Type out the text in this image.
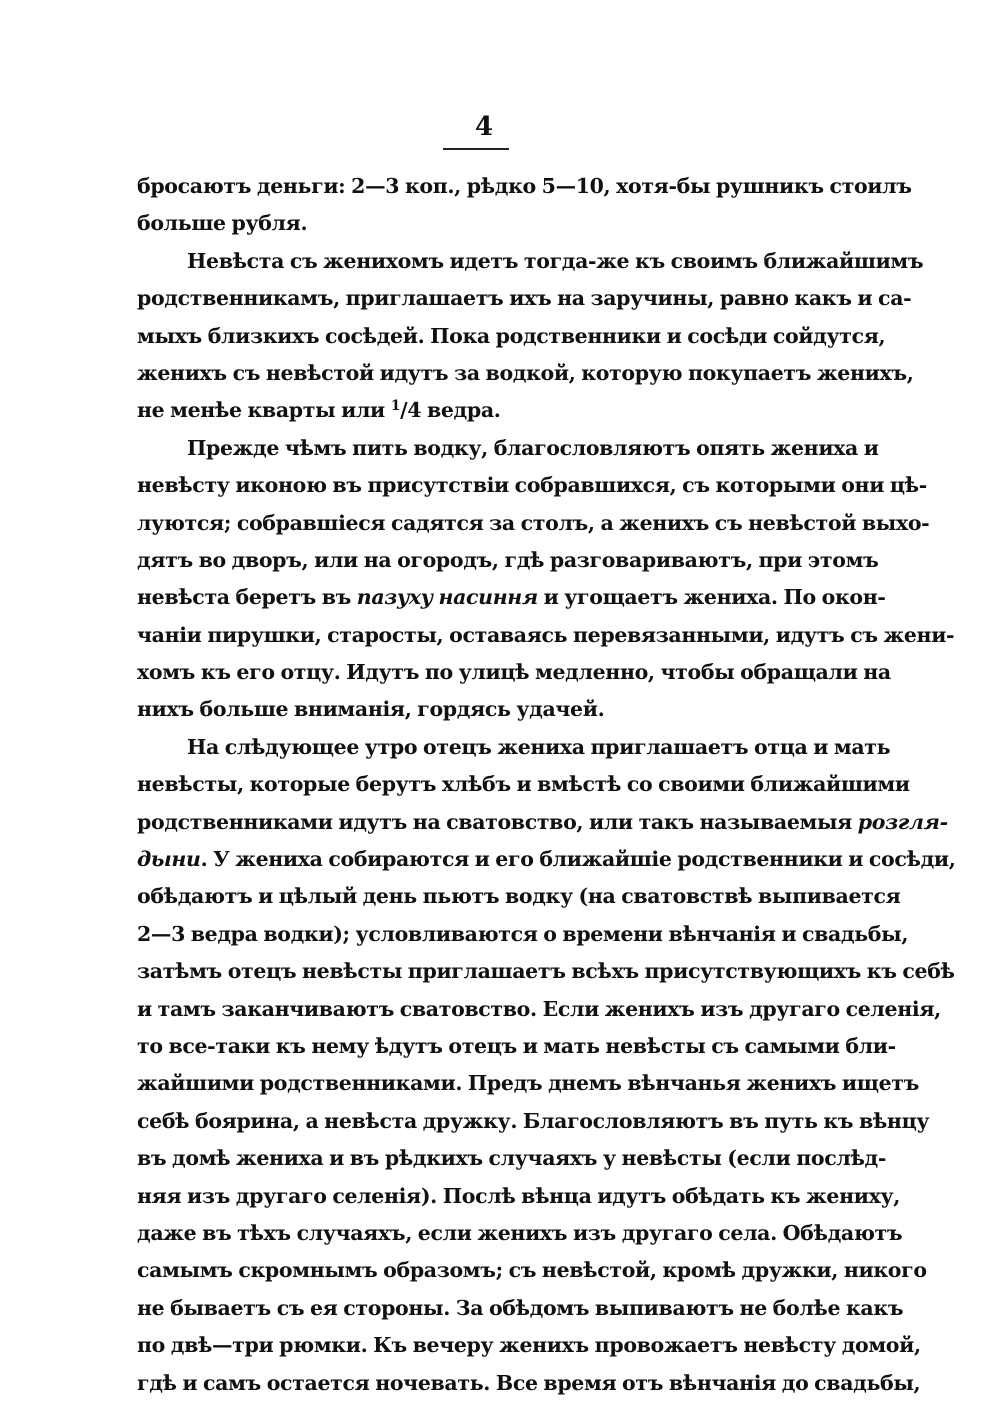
4
бросаютъ деньги: 2—3 коп., рѣдко 5—10, хотя-бы рушникъ стоилъ
больше рубля.
Невѣста съ женихомъ идетъ тогда-же къ своимъ ближайшимъ
родственникамъ, приглашаетъ ихъ на заручины, равно какъ и са-
мыхъ близкихъ сосѣдей. Пока родственники и сосѣди сойдутся,
женихъ съ невѣстой идутъ за водкой, которую покупаетъ женихъ,
не менѣе кварты или $^1$/4 ведра.
Прежде чѣмъ пить водку, благословляютъ опять жениха и
невѣсту иконою въ присутствiи собравшихся, съ которыми они цѣ-
луются; собравшiеся садятся за столъ, а женихъ съ невѣстой выхо-
дятъ во дворъ, или на огородъ, гдѣ разговариваютъ, при этомъ
невѣста беретъ въ пазуху насиння и угощаетъ жениха. По окон-
чанiи пирушки, старосты, оставаясь перевязанными, идутъ съ жени-
хомъ къ его отцу. Идутъ по улицѣ медленно, чтобы обращали на
нихъ больше вниманiя, гордясь удачей.
На слѣдующее утро отецъ жениха приглашаетъ отца и мать
невѣсты, которые берутъ хлѣбъ и вмѣстѣ со своими ближайшими
родственниками идутъ на сватовство, или такъ называемыя розгля-
дыни. У жениха собираются и его ближайшiе родственники и сосѣди,
обѣдаютъ и цѣлый день пьютъ водку (на сватовствѣ выпивается
2—3 ведра водки); условливаются о времени вѣнчанiя и свадьбы,
затѣмъ отецъ невѣсты приглашаетъ всѣхъ присутствующихъ къ себѣ
и тамъ заканчиваютъ сватовство. Если женихъ изъ другаго селенiя,
то все-таки къ нему ѣдутъ отецъ и мать невѣсты съ самыми бли-
жайшими родственниками. Предъ днемъ вѣнчанья женихъ ищетъ
себѣ боярина, а невѣста дружку. Благословляютъ въ путь къ вѣнцу
въ домѣ жениха и въ рѣдкихъ случаяхъ у невѣсты (если послѣд-
няя изъ другаго селенiя). Послѣ вѣнца идутъ обѣдать къ жениху,
даже въ тѣхъ случаяхъ, если женихъ изъ другаго села. Обѣдаютъ
самымъ скромнымъ образомъ; съ невѣстой, кромѣ дружки, никого
не бываетъ съ ея стороны. За обѣдомъ выпиваютъ не болѣе какъ
по двѣ—три рюмки. Къ вечеру женихъ провожаетъ невѣсту домой,
гдѣ и самъ остается ночевать. Все время отъ вѣнчанiя до свадьбы,
